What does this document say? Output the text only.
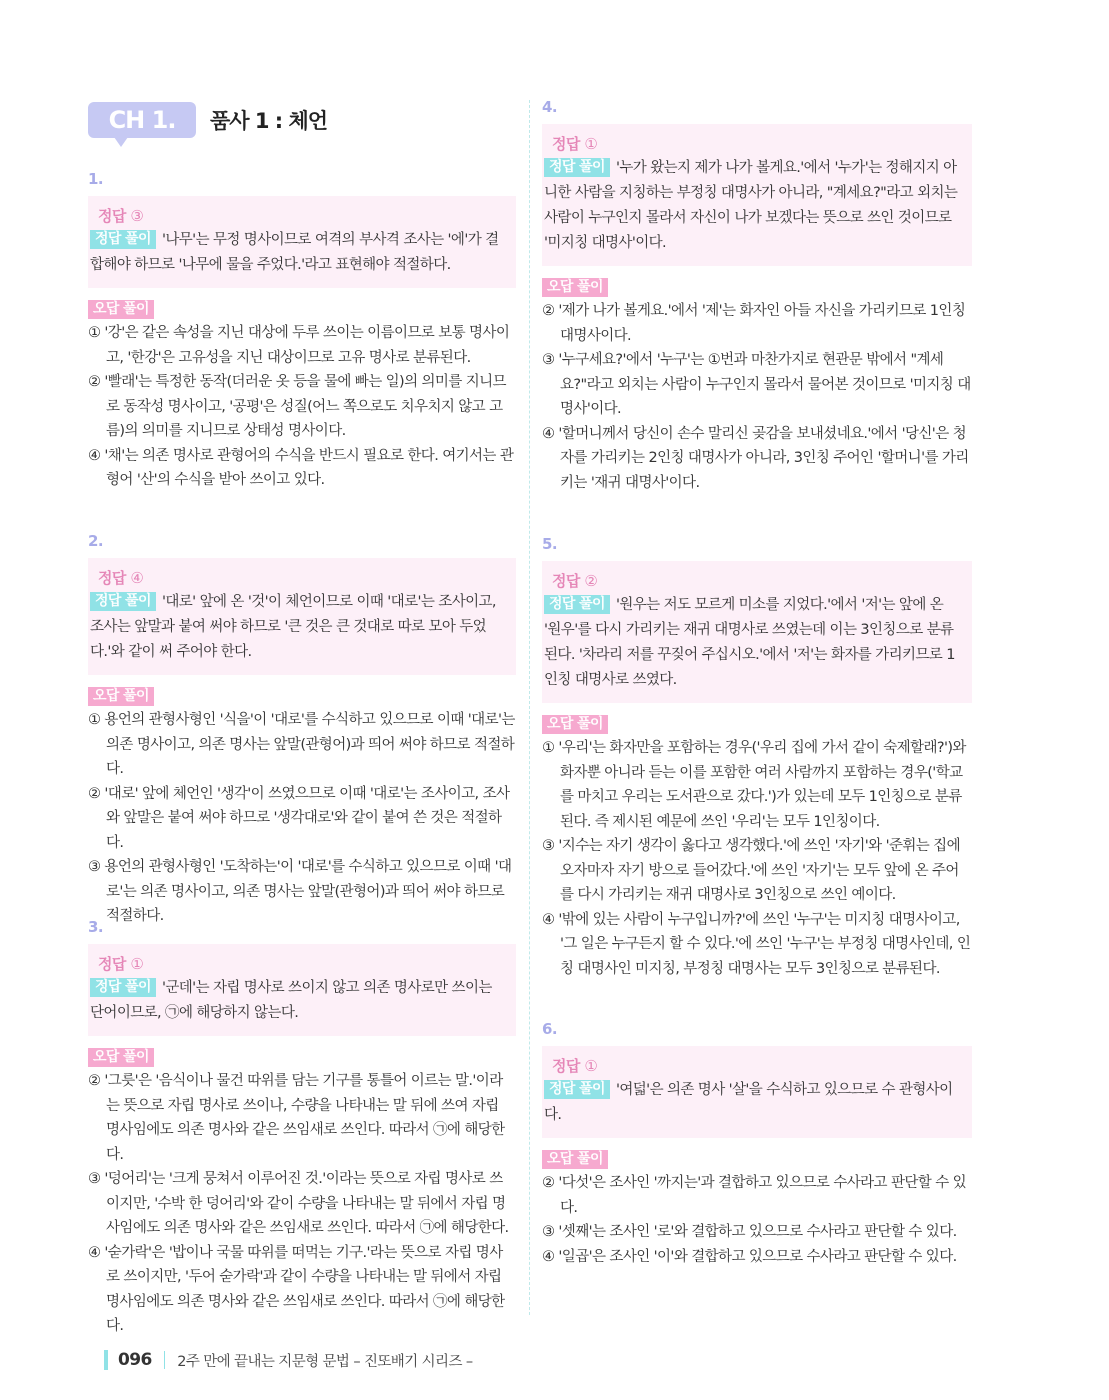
CH 1.	품사 1 : 체언
1.
정답 ③
정답 풀이 '나무'는 무정 명사이므로 여격의 부사격 조사는 '에'가 결합해야 하므로 '나무에 물을 주었다.'라고 표현해야 적절하다.
오답 풀이
① '강'은 같은 속성을 지닌 대상에 두루 쓰이는 이름이므로 보통 명사이고, '한강'은 고유성을 지닌 대상이므로 고유 명사로 분류된다.
② '빨래'는 특정한 동작(더러운 옷 등을 물에 빠는 일)의 의미를 지니므로 동작성 명사이고, '공평'은 성질(어느 쪽으로도 치우치지 않고 고름)의 의미를 지니므로 상태성 명사이다.
④ '채'는 의존 명사로 관형어의 수식을 반드시 필요로 한다. 여기서는 관형어 '산'의 수식을 받아 쓰이고 있다.
2.
정답 ④
정답 풀이 '대로' 앞에 온 '것'이 체언이므로 이때 '대로'는 조사이고, 조사는 앞말과 붙여 써야 하므로 '큰 것은 큰 것대로 따로 모아 두었다.'와 같이 써 주어야 한다.
오답 풀이
① 용언의 관형사형인 '식을'이 '대로'를 수식하고 있으므로 이때 '대로'는 의존 명사이고, 의존 명사는 앞말(관형어)과 띄어 써야 하므로 적절하다.
② '대로' 앞에 체언인 '생각'이 쓰였으므로 이때 '대로'는 조사이고, 조사와 앞말은 붙여 써야 하므로 '생각대로'와 같이 붙여 쓴 것은 적절하다.
③ 용언의 관형사형인 '도착하는'이 '대로'를 수식하고 있으므로 이때 '대로'는 의존 명사이고, 의존 명사는 앞말(관형어)과 띄어 써야 하므로 적절하다.
3.
정답 ①
정답 풀이 '군데'는 자립 명사로 쓰이지 않고 의존 명사로만 쓰이는 단어이므로, ㉠에 해당하지 않는다.
오답 풀이
② '그릇'은 '음식이나 물건 따위를 담는 기구를 통틀어 이르는 말.'이라는 뜻으로 자립 명사로 쓰이나, 수량을 나타내는 말 뒤에 쓰여 자립 명사임에도 의존 명사와 같은 쓰임새로 쓰인다. 따라서 ㉠에 해당한다.
③ '덩어리'는 '크게 뭉쳐서 이루어진 것.'이라는 뜻으로 자립 명사로 쓰이지만, '수박 한 덩어리'와 같이 수량을 나타내는 말 뒤에서 자립 명사임에도 의존 명사와 같은 쓰임새로 쓰인다. 따라서 ㉠에 해당한다.
④ '숟가락'은 '밥이나 국물 따위를 떠먹는 기구.'라는 뜻으로 자립 명사로 쓰이지만, '두어 숟가락'과 같이 수량을 나타내는 말 뒤에서 자립 명사임에도 의존 명사와 같은 쓰임새로 쓰인다. 따라서 ㉠에 해당한다.
4.
정답 ①
정답 풀이 '누가 왔는지 제가 나가 볼게요.'에서 '누가'는 정해지지 아니한 사람을 지칭하는 부정칭 대명사가 아니라, "계세요?"라고 외치는 사람이 누구인지 몰라서 자신이 나가 보겠다는 뜻으로 쓰인 것이므로 '미지칭 대명사'이다.
오답 풀이
② '제가 나가 볼게요.'에서 '제'는 화자인 아들 자신을 가리키므로 1인칭 대명사이다.
③ '누구세요?'에서 '누구'는 ①번과 마찬가지로 현관문 밖에서 "계세요?"라고 외치는 사람이 누구인지 몰라서 물어본 것이므로 '미지칭 대명사'이다.
④ '할머니께서 당신이 손수 말리신 곶감을 보내셨네요.'에서 '당신'은 청자를 가리키는 2인칭 대명사가 아니라, 3인칭 주어인 '할머니'를 가리키는 '재귀 대명사'이다.
5.
정답 ②
정답 풀이 '원우는 저도 모르게 미소를 지었다.'에서 '저'는 앞에 온 '원우'를 다시 가리키는 재귀 대명사로 쓰였는데 이는 3인칭으로 분류된다. '차라리 저를 꾸짖어 주십시오.'에서 '저'는 화자를 가리키므로 1인칭 대명사로 쓰였다.
오답 풀이
① '우리'는 화자만을 포함하는 경우('우리 집에 가서 같이 숙제할래?')와 화자뿐 아니라 듣는 이를 포함한 여러 사람까지 포함하는 경우('학교를 마치고 우리는 도서관으로 갔다.')가 있는데 모두 1인칭으로 분류된다. 즉 제시된 예문에 쓰인 '우리'는 모두 1인칭이다.
③ '지수는 자기 생각이 옳다고 생각했다.'에 쓰인 '자기'와 '준휘는 집에 오자마자 자기 방으로 들어갔다.'에 쓰인 '자기'는 모두 앞에 온 주어를 다시 가리키는 재귀 대명사로 3인칭으로 쓰인 예이다.
④ '밖에 있는 사람이 누구입니까?'에 쓰인 '누구'는 미지칭 대명사이고, '그 일은 누구든지 할 수 있다.'에 쓰인 '누구'는 부정칭 대명사인데, 인칭 대명사인 미지칭, 부정칭 대명사는 모두 3인칭으로 분류된다.
6.
정답 ①
정답 풀이 '여덟'은 의존 명사 '살'을 수식하고 있으므로 수 관형사이다.
오답 풀이
② '다섯'은 조사인 '까지는'과 결합하고 있으므로 수사라고 판단할 수 있다.
③ '셋째'는 조사인 '로'와 결합하고 있으므로 수사라고 판단할 수 있다.
④ '일곱'은 조사인 '이'와 결합하고 있으므로 수사라고 판단할 수 있다.
096 2주 만에 끝내는 지문형 문법 – 진또배기 시리즈 –
